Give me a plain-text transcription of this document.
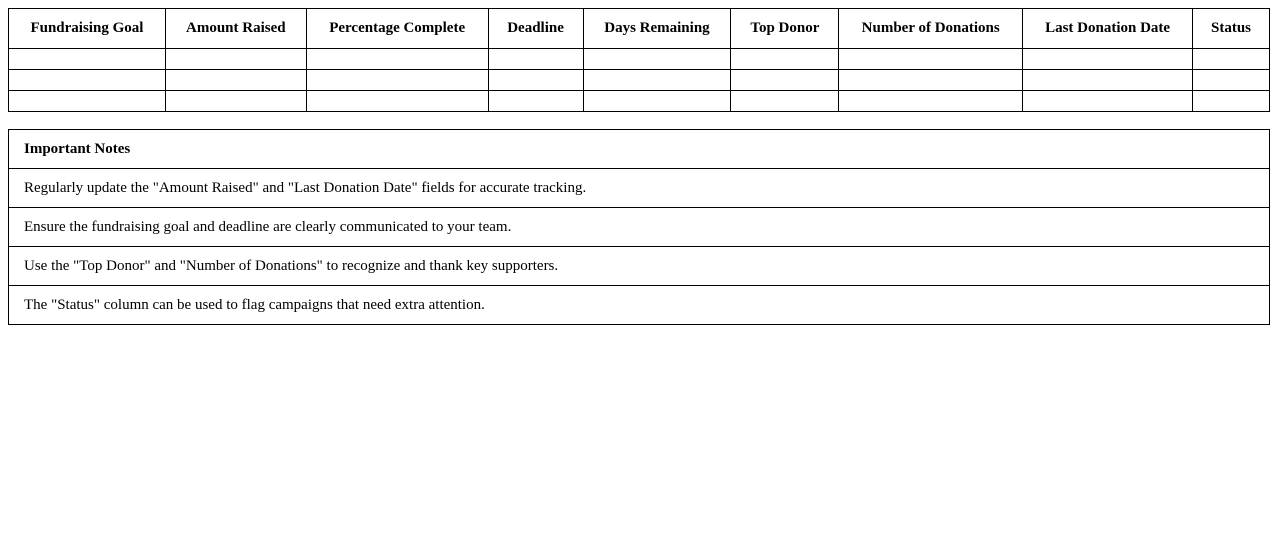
Fundraising Goal	Amount Raised	Percentage Complete	Deadline	Days Remaining	Top Donor	Number of Donations	Last Donation Date	Status

Important Notes
Regularly update the "Amount Raised" and "Last Donation Date" fields for accurate tracking.
Ensure the fundraising goal and deadline are clearly communicated to your team.
Use the "Top Donor" and "Number of Donations" to recognize and thank key supporters.
The "Status" column can be used to flag campaigns that need extra attention.
